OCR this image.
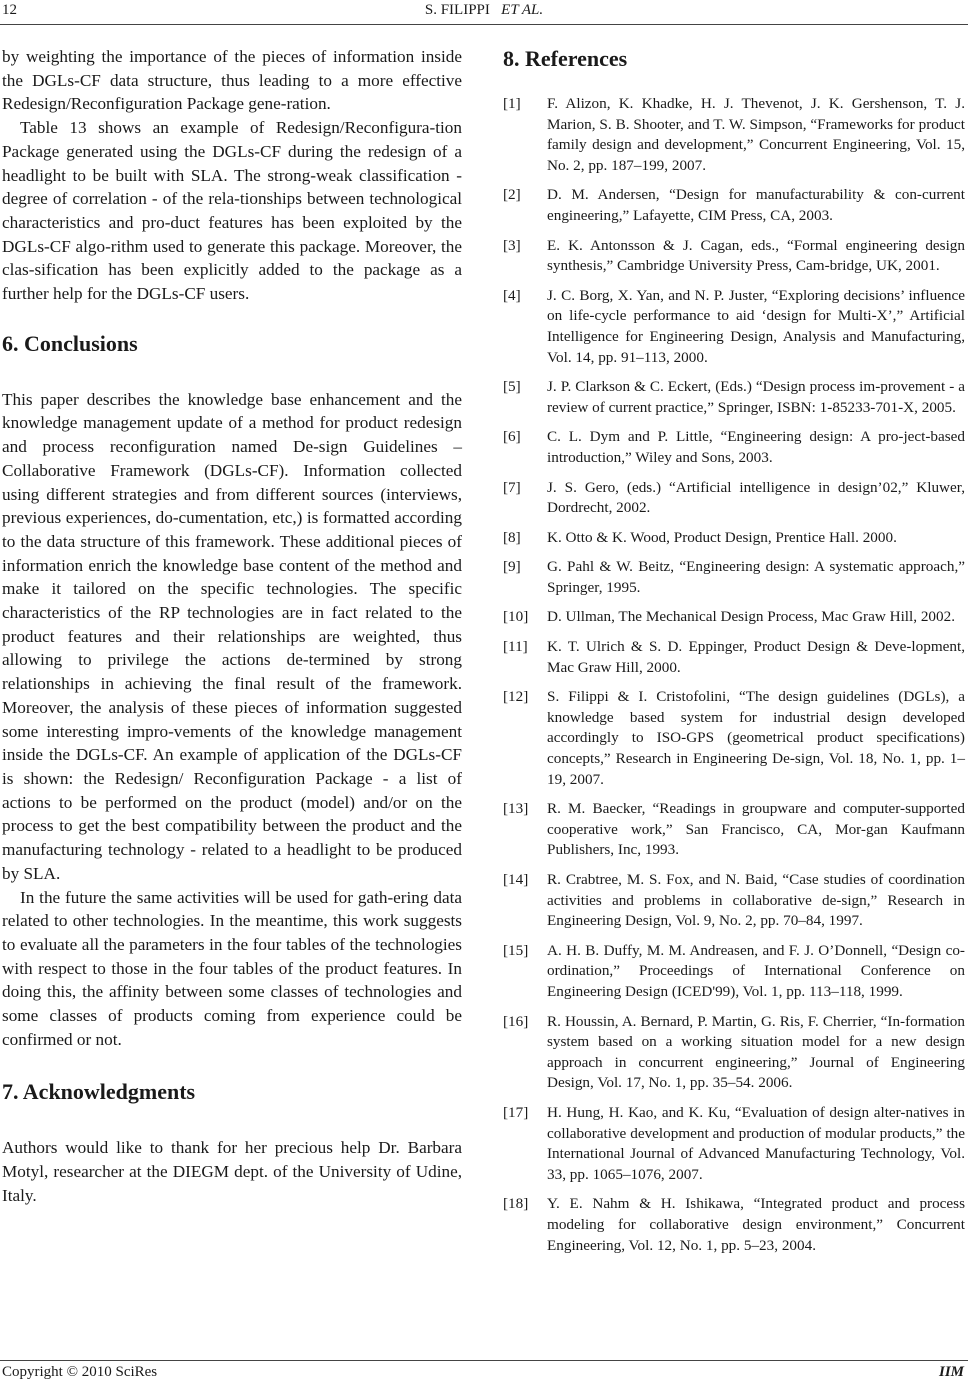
12	S. FILIPPI ET AL.

by weighting the importance of the pieces of information inside the DGLs-CF data structure, thus leading to a more effective Redesign/Reconfiguration Package gene-ration.

Table 13 shows an example of Redesign/Reconfigura-tion Package generated using the DGLs-CF during the redesign of a headlight to be built with SLA. The strong-weak classification - degree of correlation - of the rela-tionships between technological characteristics and pro-duct features has been exploited by the DGLs-CF algo-rithm used to generate this package. Moreover, the clas-sification has been explicitly added to the package as a further help for the DGLs-CF users.

6. Conclusions

This paper describes the knowledge base enhancement and the knowledge management update of a method for product redesign and process reconfiguration named De-sign Guidelines – Collaborative Framework (DGLs-CF). Information collected using different strategies and from different sources (interviews, previous experiences, do-cumentation, etc,) is formatted according to the data structure of this framework. These additional pieces of information enrich the knowledge base content of the method and make it tailored on the specific technologies. The specific characteristics of the RP technologies are in fact related to the product features and their relationships are weighted, thus allowing to privilege the actions de-termined by strong relationships in achieving the final result of the framework. Moreover, the analysis of these pieces of information suggested some interesting impro-vements of the knowledge management inside the DGLs-CF. An example of application of the DGLs-CF is shown: the Redesign/ Reconfiguration Package - a list of actions to be performed on the product (model) and/or on the process to get the best compatibility between the product and the manufacturing technology - related to a headlight to be produced by SLA.

In the future the same activities will be used for gath-ering data related to other technologies. In the meantime, this work suggests to evaluate all the parameters in the four tables of the technologies with respect to those in the four tables of the product features. In doing this, the affinity between some classes of technologies and some classes of products coming from experience could be confirmed or not.

7. Acknowledgments

Authors would like to thank for her precious help Dr. Barbara Motyl, researcher at the DIEGM dept. of the University of Udine, Italy.

8. References
[1]	F. Alizon, K. Khadke, H. J. Thevenot, J. K. Gershenson, T. J. Marion, S. B. Shooter, and T. W. Simpson, “Frameworks for product family design and development,” Concurrent Engineering, Vol. 15, No. 2, pp. 187–199, 2007.
[2]	D. M. Andersen, “Design for manufacturability & con-current engineering,” Lafayette, CIM Press, CA, 2003.
[3]	E. K. Antonsson & J. Cagan, eds., “Formal engineering design synthesis,” Cambridge University Press, Cam-bridge, UK, 2001.
[4]	J. C. Borg, X. Yan, and N. P. Juster, “Exploring decisions’ influence on life-cycle performance to aid ‘design for Multi-X’,” Artificial Intelligence for Engineering Design, Analysis and Manufacturing, Vol. 14, pp. 91–113, 2000.
[5]	J. P. Clarkson & C. Eckert, (Eds.) “Design process im-provement - a review of current practice,” Springer, ISBN: 1-85233-701-X, 2005.
[6]	C. L. Dym and P. Little, “Engineering design: A pro-ject-based introduction,” Wiley and Sons, 2003.
[7]	J. S. Gero, (eds.) “Artificial intelligence in design’02,” Kluwer, Dordrecht, 2002.
[8]	K. Otto & K. Wood, Product Design, Prentice Hall. 2000.
[9]	G. Pahl & W. Beitz, “Engineering design: A systematic approach,” Springer, 1995.
[10]	D. Ullman, The Mechanical Design Process, Mac Graw Hill, 2002.
[11]	K. T. Ulrich & S. D. Eppinger, Product Design & Deve-lopment, Mac Graw Hill, 2000.
[12]	S. Filippi & I. Cristofolini, “The design guidelines (DGLs), a knowledge based system for industrial design developed accordingly to ISO-GPS (geometrical product specifications) concepts,” Research in Engineering De-sign, Vol. 18, No. 1, pp. 1–19, 2007.
[13]	R. M. Baecker, “Readings in groupware and computer-supported cooperative work,” San Francisco, CA, Mor-gan Kaufmann Publishers, Inc, 1993.
[14]	R. Crabtree, M. S. Fox, and N. Baid, “Case studies of coordination activities and problems in collaborative de-sign,” Research in Engineering Design, Vol. 9, No. 2, pp. 70–84, 1997.
[15]	A. H. B. Duffy, M. M. Andreasen, and F. J. O’Donnell, “Design co-ordination,” Proceedings of International Conference on Engineering Design (ICED'99), Vol. 1, pp. 113–118, 1999.
[16]	R. Houssin, A. Bernard, P. Martin, G. Ris, F. Cherrier, “In-formation system based on a working situation model for a new design approach in concurrent engineering,” Journal of Engineering Design, Vol. 17, No. 1, pp. 35–54. 2006.
[17]	H. Hung, H. Kao, and K. Ku, “Evaluation of design alter-natives in collaborative development and production of modular products,” the International Journal of Advanced Manufacturing Technology, Vol. 33, pp. 1065–1076, 2007.
[18]	Y. E. Nahm & H. Ishikawa, “Integrated product and process modeling for collaborative design environment,” Concurrent Engineering, Vol. 12, No. 1, pp. 5–23, 2004.
Copyright © 2010 SciRes	IIM
